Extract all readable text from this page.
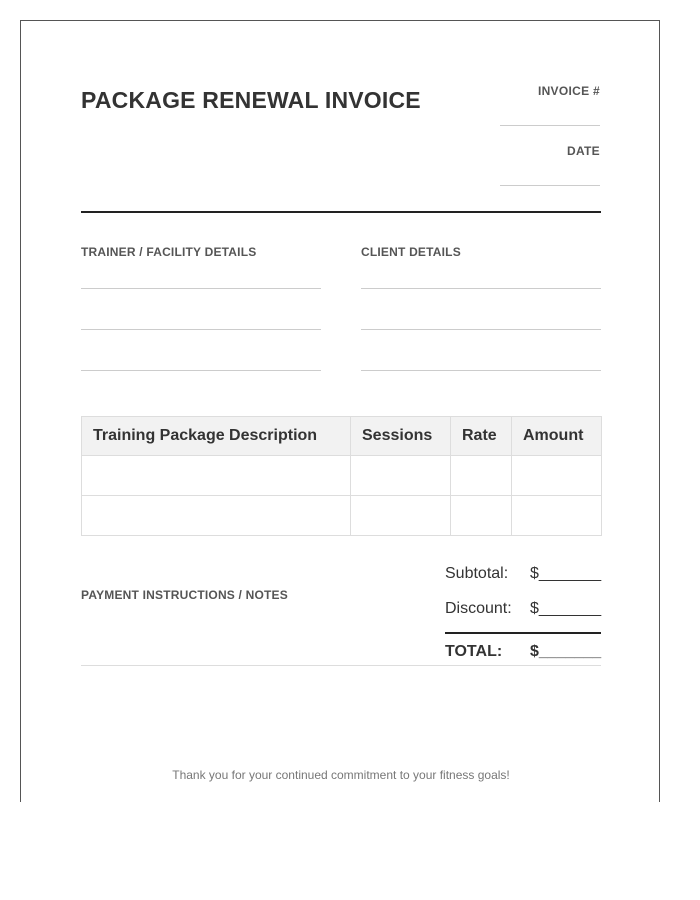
PACKAGE RENEWAL INVOICE	INVOICE #
DATE
TRAINER / FACILITY DETAILS	CLIENT DETAILS
Training Package Description	Sessions	Rate	Amount

PAYMENT INSTRUCTIONS / NOTES
Subtotal: $_______
Discount: $_______
TOTAL: $_______
Thank you for your continued commitment to your fitness goals!
